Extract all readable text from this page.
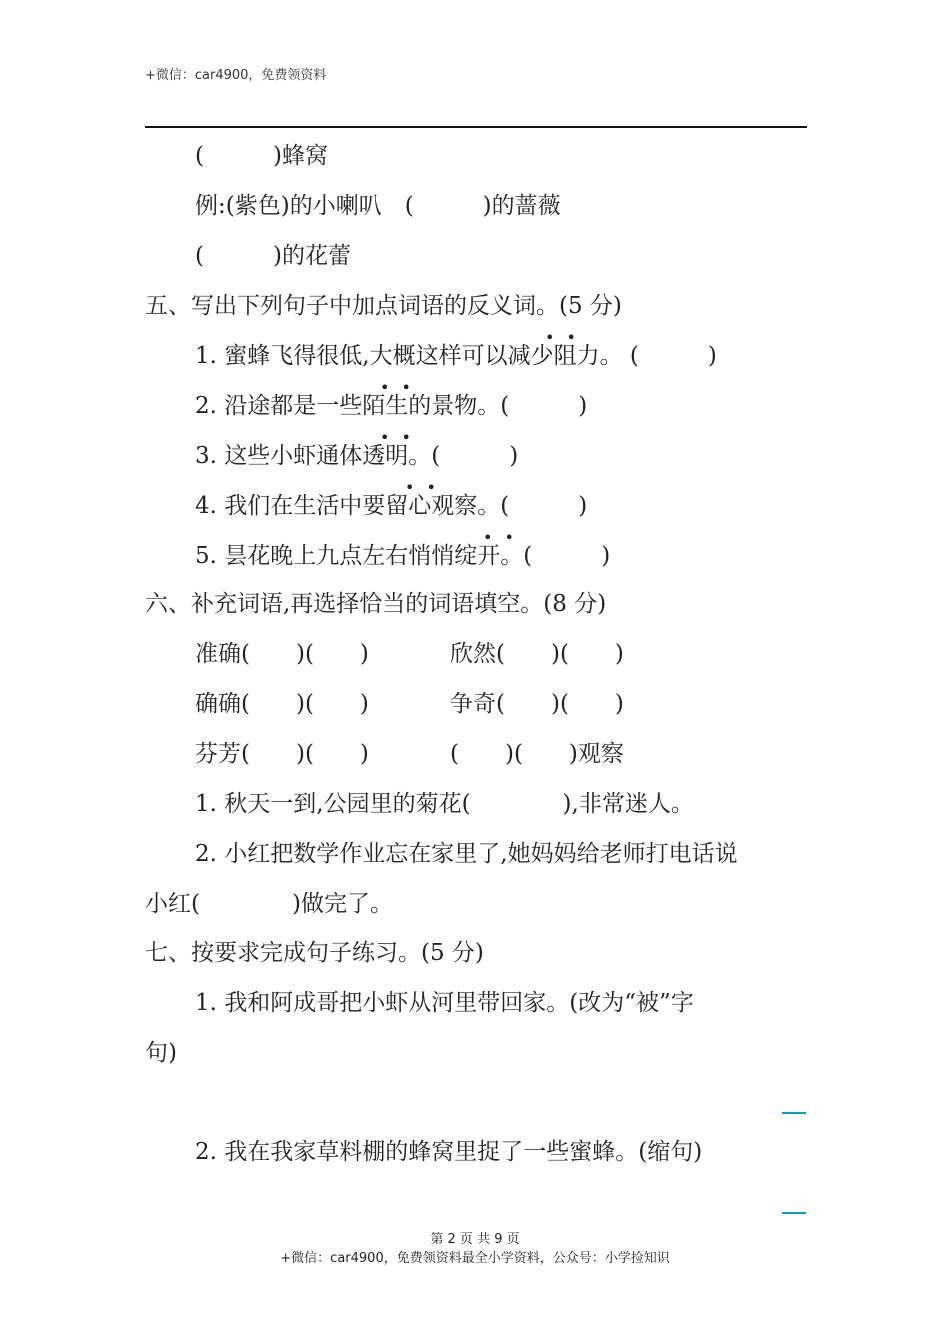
+微信：car4900，免费领资料
(　　　)蜂窝
例:(紫色)的小喇叭　(　　　)的蔷薇
(　　　)的花蕾
五、写出下列句子中加点词语的反义词。(5 分)
••
1. 蜜蜂飞得很低,大概这样可以减少阻力。 (　　　)
••
2. 沿途都是一些陌生的景物。(　　　)
••
3. 这些小虾通体透明。(　　　)
••
4. 我们在生活中要留心观察。(　　　)
••
5. 昙花晚上九点左右悄悄绽开。(　　　)
六、补充词语,再选择恰当的词语填空。(8 分)
准确(　　)(　　)	欣然(　　)(　　)
确确(　　)(　　)	争奇(　　)(　　)
芬芳(　　)(　　)	(　　)(　　)观察
1. 秋天一到,公园里的菊花(　　　　),非常迷人。
2. 小红把数学作业忘在家里了,她妈妈给老师打电话说
小红(　　　　)做完了。
七、按要求完成句子练习。(5 分)
1. 我和阿成哥把小虾从河里带回家。(改为“被”字
句)
2. 我在我家草料棚的蜂窝里捉了一些蜜蜂。(缩句)
第 2 页 共 9 页
+微信：car4900，免费领资料最全小学资料，公众号：小学捡知识
